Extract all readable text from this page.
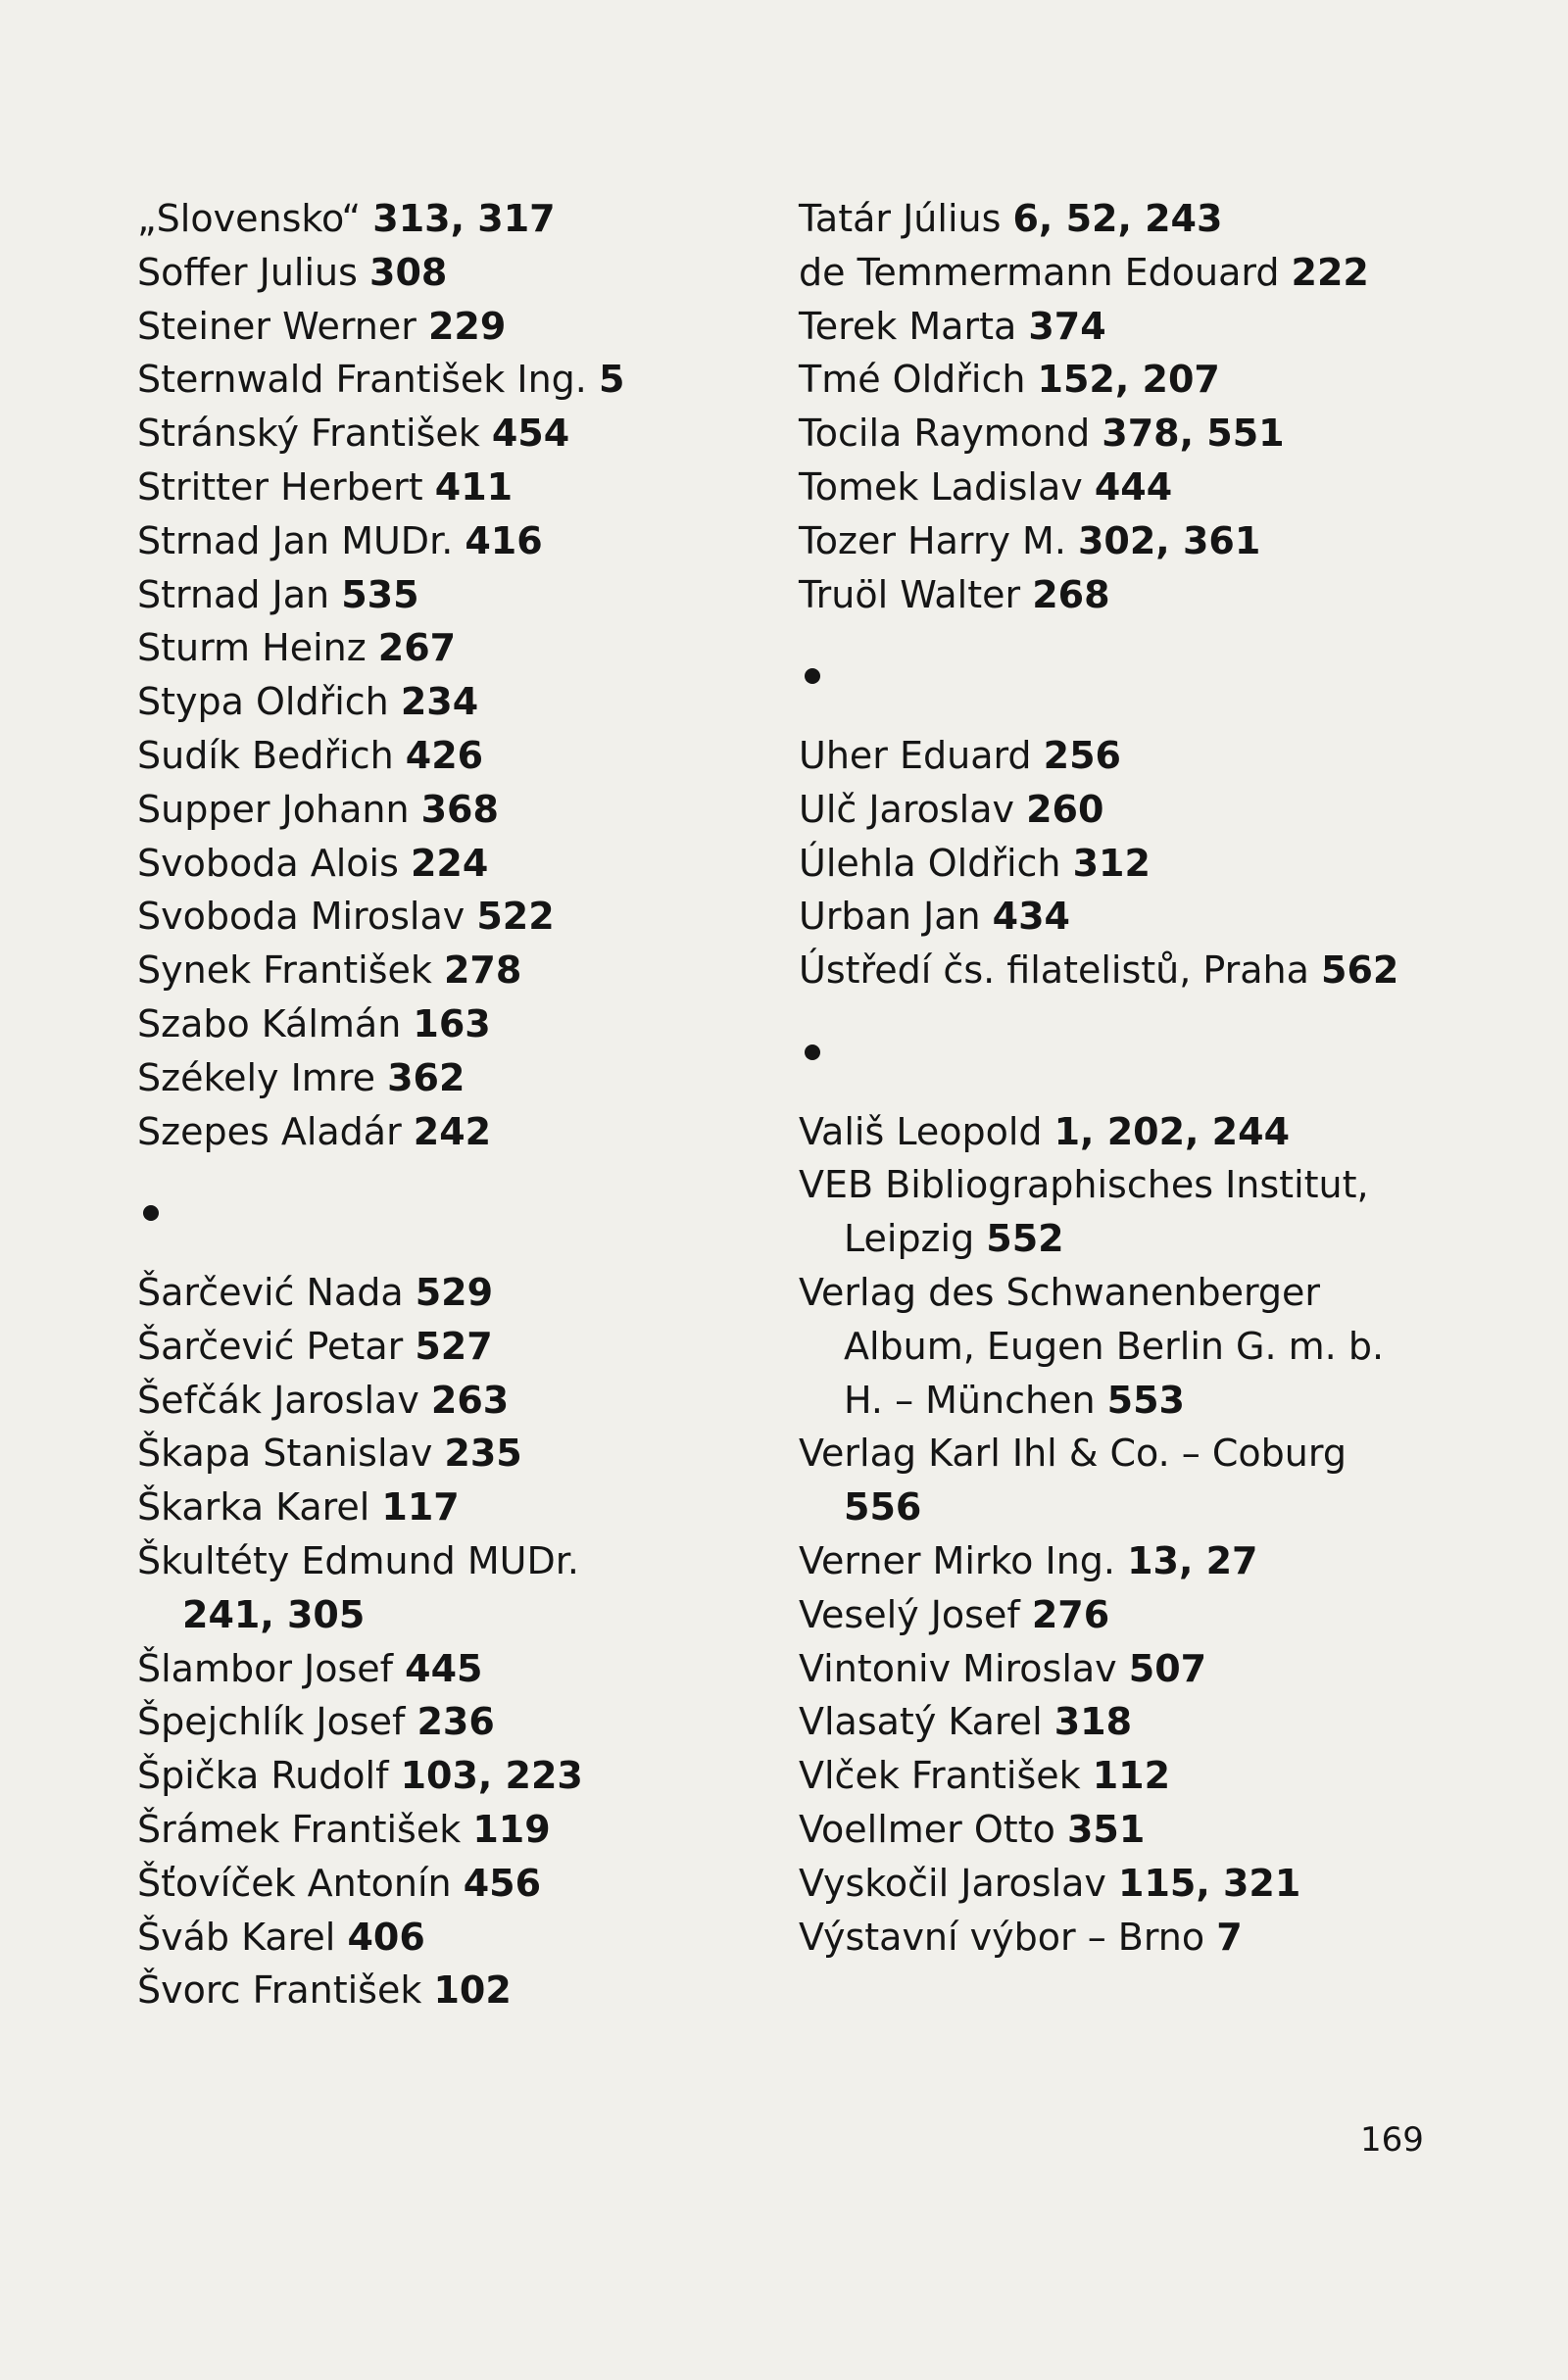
„Slovensko“ 313, 317
Soffer Julius 308
Steiner Werner 229
Sternwald František Ing. 5
Stránský František 454
Stritter Herbert 411
Strnad Jan MUDr. 416
Strnad Jan 535
Sturm Heinz 267
Stypa Oldřich 234
Sudík Bedřich 426
Supper Johann 368
Svoboda Alois 224
Svoboda Miroslav 522
Synek František 278
Szabo Kálmán 163
Székely Imre 362
Szepes Aladár 242
Šarčević Nada 529
Šarčević Petar 527
Šefčák Jaroslav 263
Škapa Stanislav 235
Škarka Karel 117
Škultéty Edmund MUDr.
241, 305
Šlambor Josef 445
Špejchlík Josef 236
Špička Rudolf 103, 223
Šrámek František 119
Šťovíček Antonín 456
Šváb Karel 406
Švorc František 102
Tatár Július 6, 52, 243
de Temmermann Edouard 222
Terek Marta 374
Tmé Oldřich 152, 207
Tocila Raymond 378, 551
Tomek Ladislav 444
Tozer Harry M. 302, 361
Truöl Walter 268
Uher Eduard 256
Ulč Jaroslav 260
Úlehla Oldřich 312
Urban Jan 434
Ústředí čs. filatelistů, Praha 562
Vališ Leopold 1, 202, 244
VEB Bibliographisches Institut,
Leipzig 552
Verlag des Schwanenberger
Album, Eugen Berlin G. m. b.
H. – München 553
Verlag Karl Ihl & Co. – Coburg
556
Verner Mirko Ing. 13, 27
Veselý Josef 276
Vintoniv Miroslav 507
Vlasatý Karel 318
Vlček František 112
Voellmer Otto 351
Vyskočil Jaroslav 115, 321
Výstavní výbor – Brno 7
169
